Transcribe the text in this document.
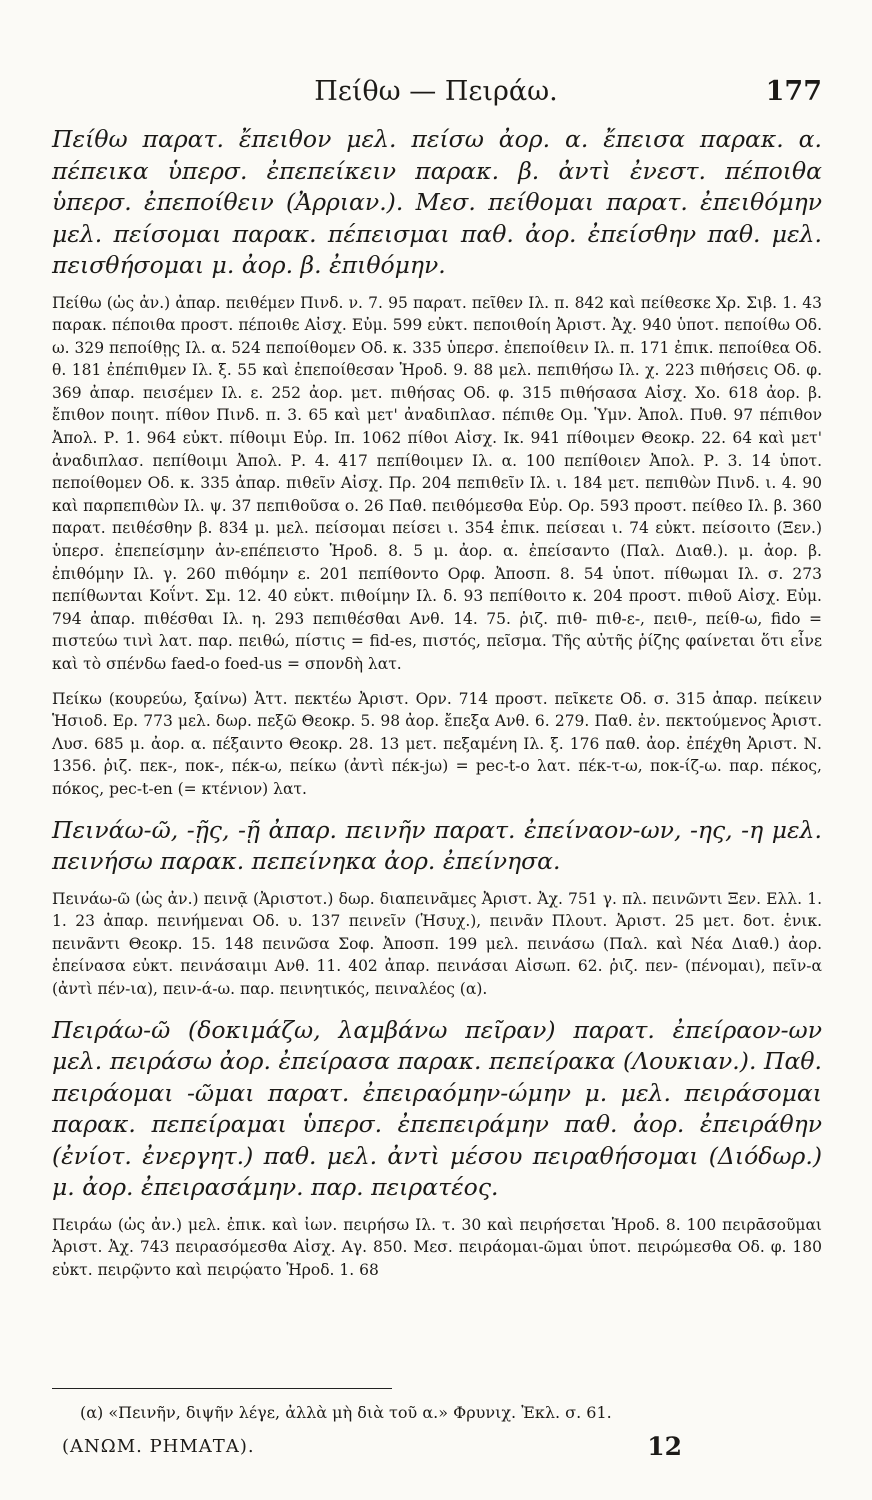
Πείθω — Πειράω.	177

Πείθω παρατ. ἔπειθον μελ. πείσω ἀορ. α. ἔπεισα παρακ. α. πέπεικα ὑπερσ. ἐπεπείκειν παρακ. β. ἀντὶ ἐνεστ. πέποιθα ὑπερσ. ἐπεποίθειν (Ἀρριαν.). Μεσ. πείθομαι παρατ. ἐπειθόμην μελ. πείσομαι παρακ. πέπεισμαι παθ. ἀορ. ἐπείσθην παθ. μελ. πεισθήσομαι μ. ἀορ. β. ἐπιθόμην.

Πείθω (ὡς ἀν.) ἀπαρ. πειθέμεν Πινδ. ν. 7. 95 παρατ. πεῖθεν Ιλ. π. 842 καὶ πείθεσκε Χρ. Σιβ. 1. 43 παρακ. πέποιθα προστ. πέποιθε Αἰσχ. Εὐμ. 599 εὐκτ. πεποιθοίη Ἀριστ. Ἀχ. 940 ὑποτ. πεποίθω Οδ. ω. 329 πεποίθῃς Ιλ. α. 524 πεποίθομεν Οδ. κ. 335 ὑπερσ. ἐπεποίθειν Ιλ. π. 171 ἐπικ. πεποίθεα Οδ. θ. 181 ἐπέπιθμεν Ιλ. ξ. 55 καὶ ἐπεποίθεσαν Ἡροδ. 9. 88 μελ. πεπιθήσω Ιλ. χ. 223 πιθήσεις Οδ. φ. 369 ἀπαρ. πεισέμεν Ιλ. ε. 252 ἀορ. μετ. πιθήσας Οδ. φ. 315 πιθήσασα Αἰσχ. Χο. 618 ἀορ. β. ἔπιθον ποιητ. πίθον Πινδ. π. 3. 65 καὶ μετ' ἀναδιπλασ. πέπιθε Ομ. Ὑμν. Ἀπολ. Πυθ. 97 πέπιθον Ἀπολ. Ρ. 1. 964 εὐκτ. πίθοιμι Εὐρ. Ιπ. 1062 πίθοι Αἰσχ. Ικ. 941 πίθοιμεν Θεοκρ. 22. 64 καὶ μετ' ἀναδιπλασ. πεπίθοιμι Ἀπολ. Ρ. 4. 417 πεπίθοιμεν Ιλ. α. 100 πεπίθοιεν Ἀπολ. Ρ. 3. 14 ὑποτ. πεποίθομεν Οδ. κ. 335 ἀπαρ. πιθεῖν Αἰσχ. Πρ. 204 πεπιθεῖν Ιλ. ι. 184 μετ. πεπιθὼν Πινδ. ι. 4. 90 καὶ παρπεπιθὼν Ιλ. ψ. 37 πεπιθοῦσα ο. 26 Παθ. πειθόμεσθα Εὐρ. Ορ. 593 προστ. πείθεο Ιλ. β. 360 παρατ. πειθέσθην β. 834 μ. μελ. πείσομαι πείσει ι. 354 ἐπικ. πείσεαι ι. 74 εὐκτ. πείσοιτο (Ξεν.) ὑπερσ. ἐπεπείσμην ἀν-επέπειστο Ἡροδ. 8. 5 μ. ἀορ. α. ἐπείσαντο (Παλ. Διαθ.). μ. ἀορ. β. ἐπιθόμην Ιλ. γ. 260 πιθόμην ε. 201 πεπίθοντο Ορφ. Ἀποσπ. 8. 54 ὑποτ. πίθωμαι Ιλ. σ. 273 πεπίθωνται Κοΐντ. Σμ. 12. 40 εὐκτ. πιθοίμην Ιλ. δ. 93 πεπίθοιτο κ. 204 προστ. πιθοῦ Αἰσχ. Εὐμ. 794 ἀπαρ. πιθέσθαι Ιλ. η. 293 πεπιθέσθαι Ανθ. 14. 75. ῥιζ. πιθ- πιθ-ε-, πειθ-, πείθ-ω, fido = πιστεύω τινὶ λατ. παρ. πειθώ, πίστις = fid-es, πιστός, πεῖσμα. Τῆς αὐτῆς ῥίζης φαίνεται ὅτι εἶνε καὶ τὸ σπένδω faed-o foed-us = σπονδὴ λατ.

Πείκω (κουρεύω, ξαίνω) Ἀττ. πεκτέω Ἀριστ. Ορν. 714 προστ. πεῖκετε Οδ. σ. 315 ἀπαρ. πείκειν Ἡσιοδ. Ερ. 773 μελ. δωρ. πεξῶ Θεοκρ. 5. 98 ἀορ. ἔπεξα Ανθ. 6. 279. Παθ. ἐν. πεκτούμενος Ἀριστ. Λυσ. 685 μ. ἀορ. α. πέξαιντο Θεοκρ. 28. 13 μετ. πεξαμένη Ιλ. ξ. 176 παθ. ἀορ. ἐπέχθη Ἀριστ. Ν. 1356. ῥιζ. πεκ-, ποκ-, πέκ-ω, πείκω (ἀντὶ πέκ-jω) = pec-t-o λατ. πέκ-τ-ω, ποκ-ίζ-ω. παρ. πέκος, πόκος, pec-t-en (= κτένιον) λατ.

Πεινάω-ῶ, -ῇς, -ῇ ἀπαρ. πεινῆν παρατ. ἐπείναον-ων, -ης, -η μελ. πεινήσω παρακ. πεπείνηκα ἀορ. ἐπείνησα.

Πεινάω-ῶ (ὡς ἀν.) πεινᾷ (Ἀριστοτ.) δωρ. διαπεινᾶμες Ἀριστ. Ἀχ. 751 γ. πλ. πεινῶντι Ξεν. Ελλ. 1. 1. 23 ἀπαρ. πεινήμεναι Οδ. υ. 137 πεινεῖν (Ἡσυχ.), πεινᾶν Πλουτ. Ἀριστ. 25 μετ. δοτ. ἑνικ. πεινᾶντι Θεοκρ. 15. 148 πεινῶσα Σοφ. Ἀποσπ. 199 μελ. πεινάσω (Παλ. καὶ Νέα Διαθ.) ἀορ. ἐπείνασα εὐκτ. πεινάσαιμι Ανθ. 11. 402 ἀπαρ. πεινάσαι Αἰσωπ. 62. ῥιζ. πεν- (πένομαι), πεῖν-α (ἀντὶ πέν-ια), πειν-ά-ω. παρ. πεινητικός, πειναλέος (α).

Πειράω-ῶ (δοκιμάζω, λαμβάνω πεῖραν) παρατ. ἐπείραον-ων μελ. πειράσω ἀορ. ἐπείρασα παρακ. πεπείρακα (Λουκιαν.). Παθ. πειράομαι -ῶμαι παρατ. ἐπειραόμην-ώμην μ. μελ. πειράσομαι παρακ. πεπείραμαι ὑπερσ. ἐπεπειράμην παθ. ἀορ. ἐπειράθην (ἐνίοτ. ἐνεργητ.) παθ. μελ. ἀντὶ μέσου πειραθήσομαι (Διόδωρ.) μ. ἀορ. ἐπειρασάμην. παρ. πειρατέος.

Πειράω (ὡς ἀν.) μελ. ἐπικ. καὶ ἰων. πειρήσω Ιλ. τ. 30 καὶ πειρήσεται Ἡροδ. 8. 100 πειρᾱσοῦμαι Ἀριστ. Ἀχ. 743 πειρασόμεσθα Αἰσχ. Αγ. 850. Μεσ. πειράομαι-ῶμαι ὑποτ. πειρώμεσθα Οδ. φ. 180 εὐκτ. πειρῷντο καὶ πειρῴατο Ἡροδ. 1. 68

(α) «Πεινῆν, διψῆν λέγε, ἀλλὰ μὴ διὰ τοῦ α.» Φρυνιχ. Ἐκλ. σ. 61.
(ΑΝΩΜ. ΡΗΜΑΤΑ).	12
